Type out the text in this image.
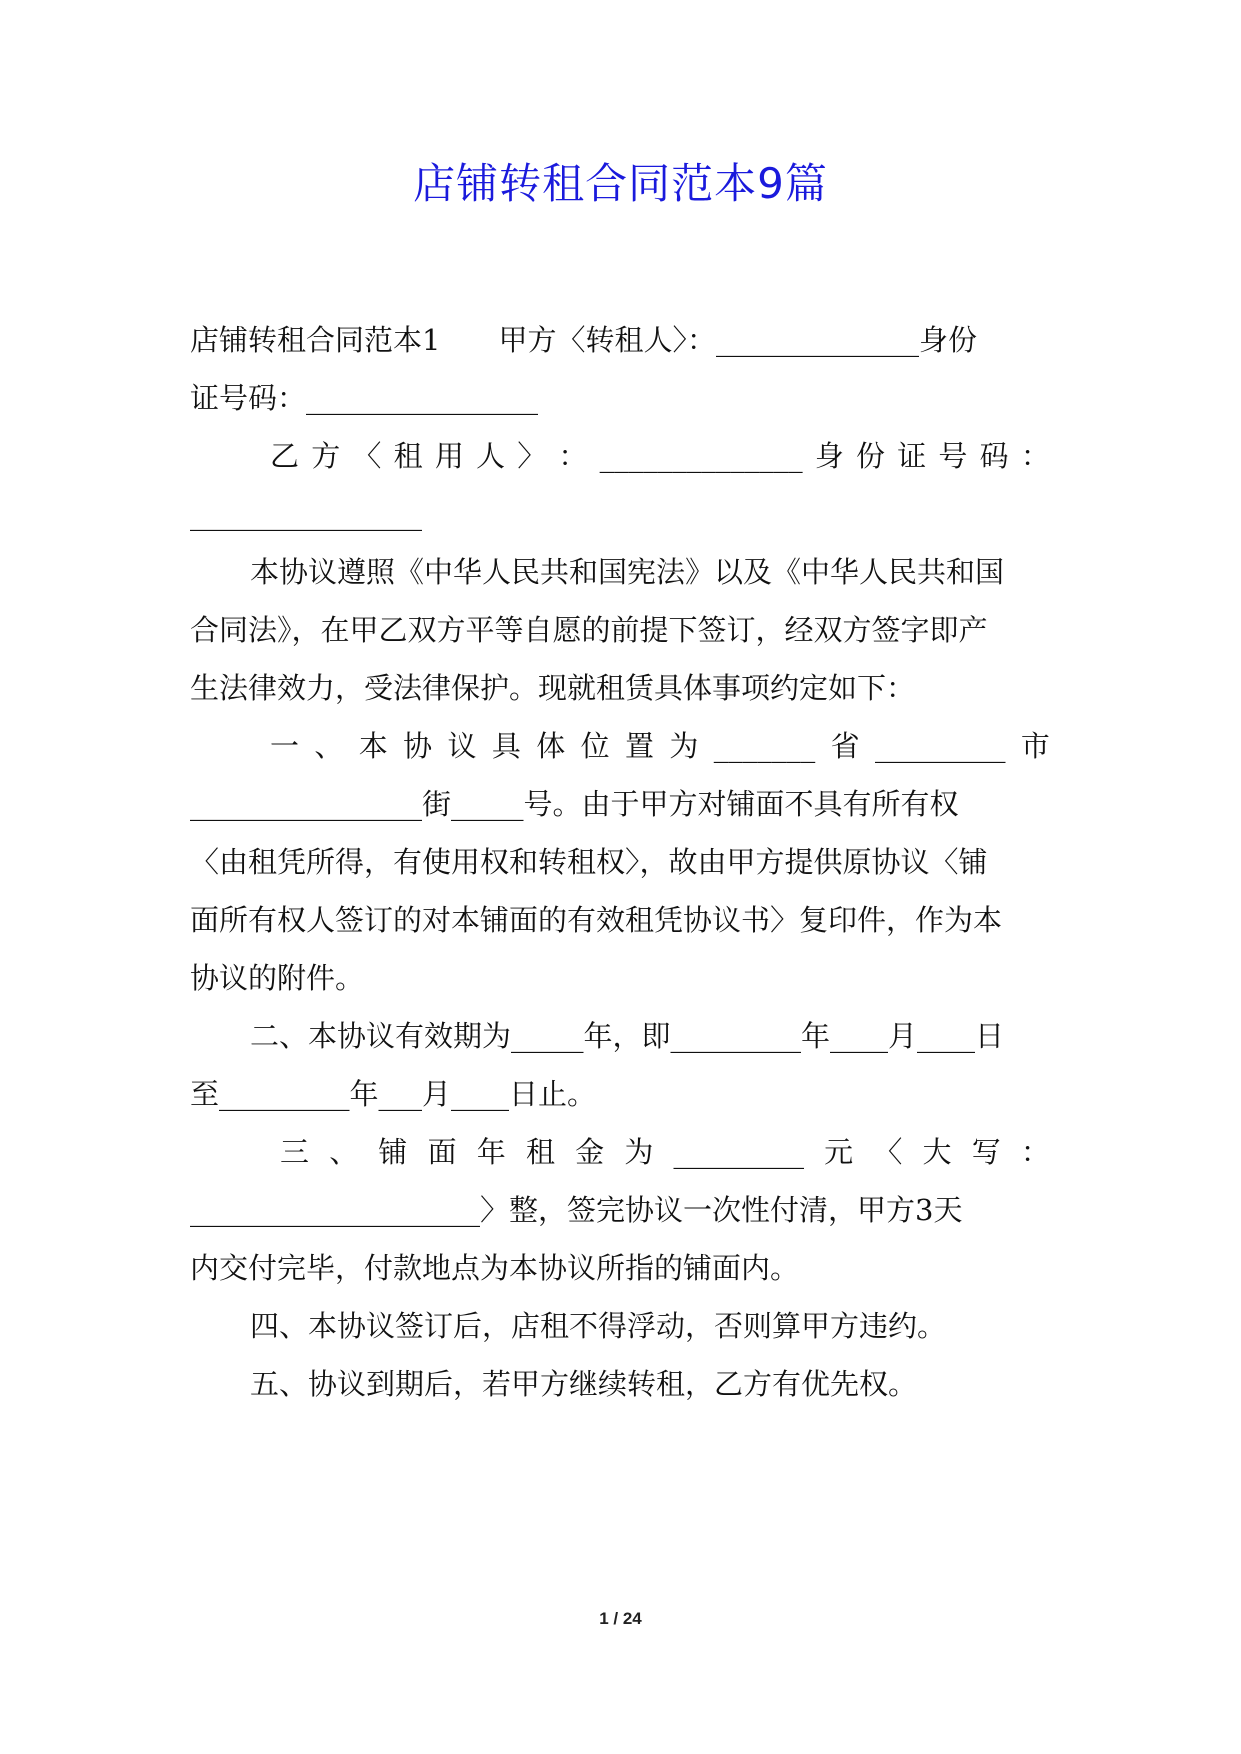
店铺转租合同范本9篇
店铺转租合同范本1　　甲方〈转租人〉：______________身份
证号码：________________
乙 方 〈 租 用 人 〉 ： ______________ 身 份 证 号 码 ：
________________
本协议遵照《中华人民共和国宪法》以及《中华人民共和国
合同法》，在甲乙双方平等自愿的前提下签订，经双方签字即产
生法律效力，受法律保护。现就租赁具体事项约定如下：
一 、 本 协 议 具 体 位 置 为 _______ 省 _________ 市
________________街_____号。由于甲方对铺面不具有所有权
〈由租凭所得，有使用权和转租权〉，故由甲方提供原协议〈铺
面所有权人签订的对本铺面的有效租凭协议书〉复印件，作为本
协议的附件。
二、本协议有效期为_____年，即_________年____月____日
至_________年___月____日止。
三 、 铺 面 年 租 金 为 _________ 元 〈 大 写 ：
____________________〉整，签完协议一次性付清，甲方3天
内交付完毕，付款地点为本协议所指的铺面内。
四、本协议签订后，店租不得浮动，否则算甲方违约。
五、协议到期后，若甲方继续转租，乙方有优先权。
1 / 24
